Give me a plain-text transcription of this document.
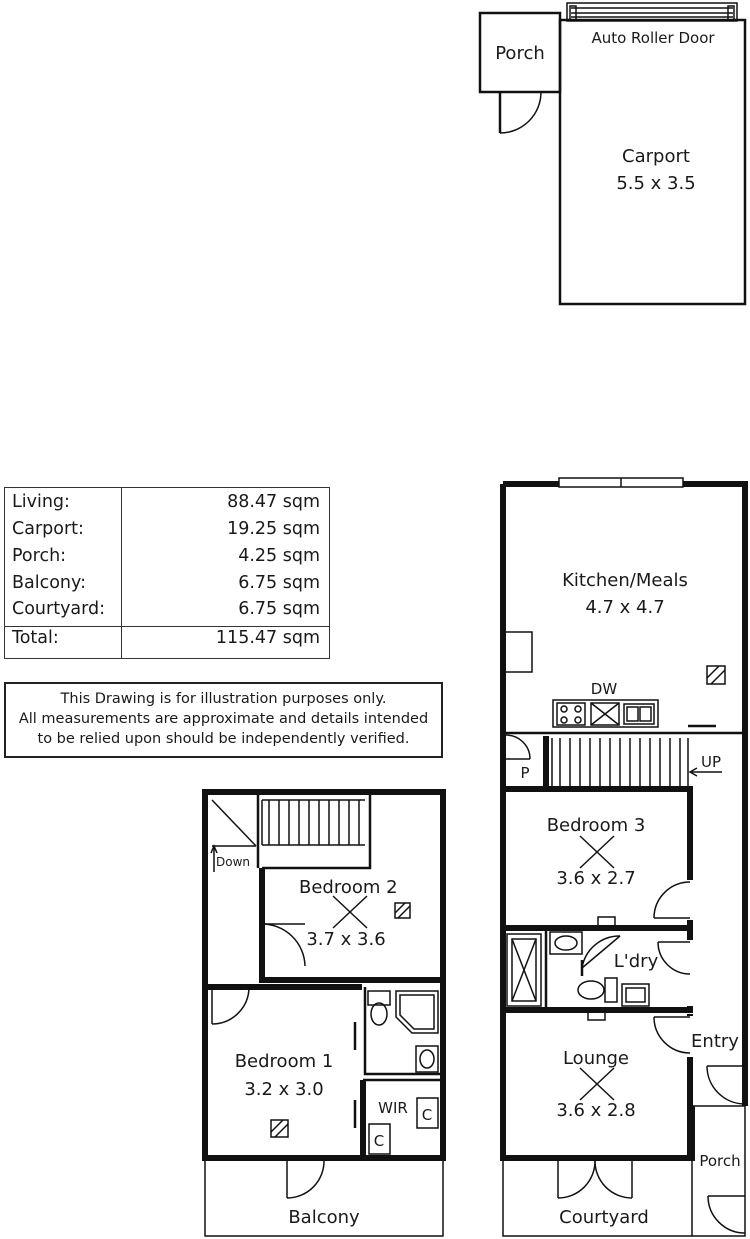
Porch
Auto Roller Door
Carport
5.5 x 3.5
Down
WIR C
C
Bedroom 2
3.7 x 3.6
Bedroom 1
3.2 x 3.0
Balcony
DW
P
UP
Bedroom 3
3.6 x 2.7
L'dry
Entry
Lounge
3.6 x 2.8
Porch
Courtyard
Kitchen/Meals
4.7 x 4.7
Living:	88.47 sqm
Carport:	19.25 sqm
Porch:	4.25 sqm
Balcony:	6.75 sqm
Courtyard:	6.75 sqm
Total:	115.47 sqm
This Drawing is for illustration purposes only.
All measurements are approximate and details intended
to be relied upon should be independently verified.
